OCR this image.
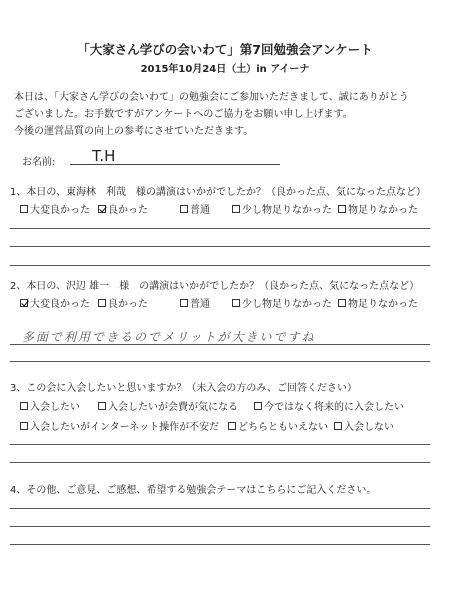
「大家さん学びの会いわて」第7回勉強会アンケート
2015年10月24日（土）in アイーナ
本日は、「大家さん学びの会いわて」の勉強会にご参加いただきまして、誠にありがとう
ございました。お手数ですがアンケートへのご協力をお願い申し上げます。
今後の運営品質の向上の参考にさせていただきます。
お名前: T.H
1、本日の、東海林　利哉　様の講演はいかがでしたか？（良かった点、気になった点など）
大変良かった 良かった	普通	少し物足りなかった 物足りなかった
2、本日の、沢辺 雄一　様　の講演はいかがでしたか？（良かった点、気になった点など）
大変良かった 良かった	普通	少し物足りなかった 物足りなかった
多面で利用できるのでメリットが大きいですね
3、この会に入会したいと思いますか？（未入会の方のみ、ご回答ください）
入会したい	入会したいが会費が気になる	今ではなく将来的に入会したい
入会したいがインターネット操作が不安だ どちらともいえない 入会しない
4、その他、ご意見、ご感想、希望する勉強会テーマはこちらにご記入ください。
